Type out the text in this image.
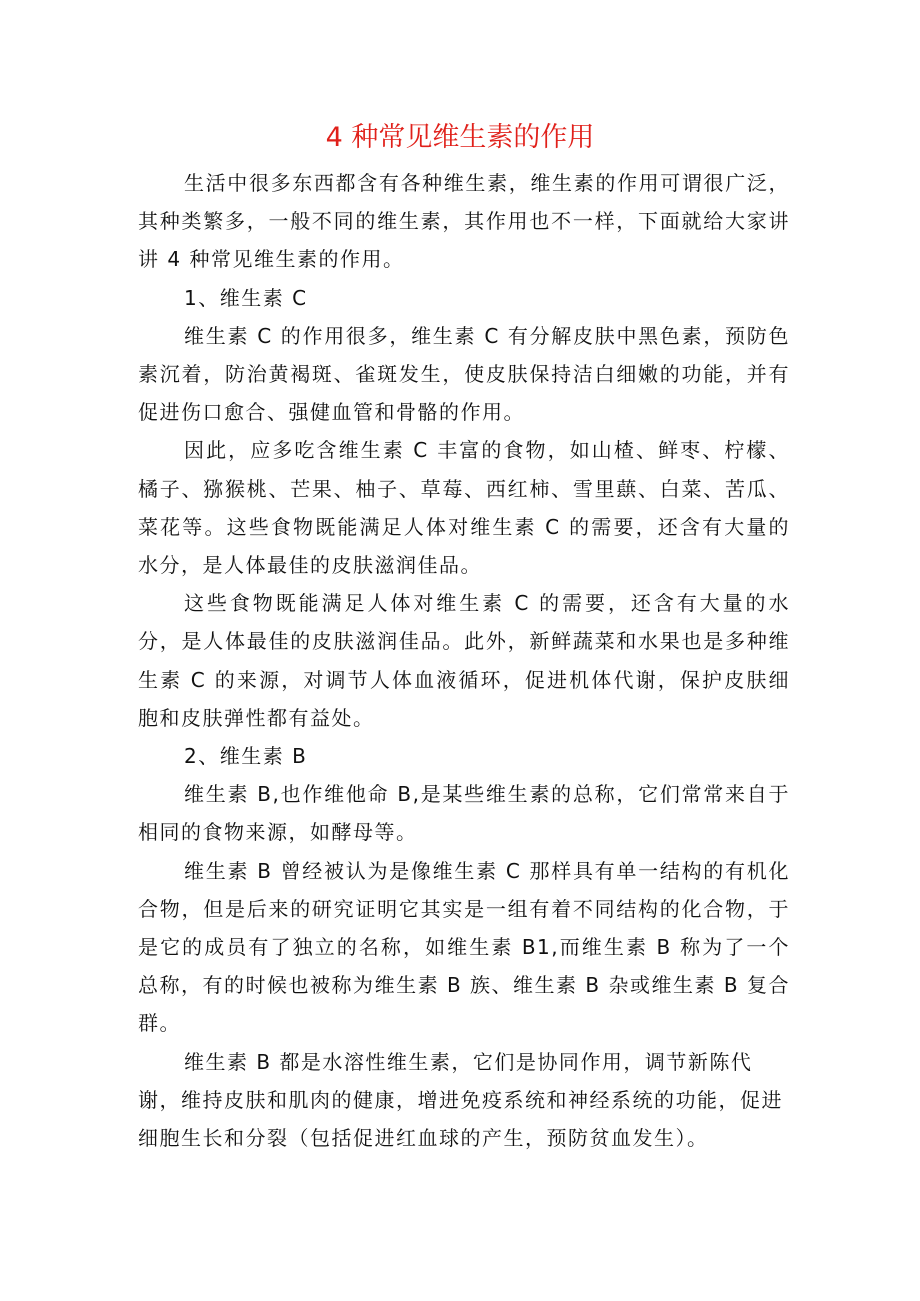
4 种常见维生素的作用

生活中很多东西都含有各种维生素，维生素的作用可谓很广泛，其种类繁多，一般不同的维生素，其作用也不一样，下面就给大家讲讲 4 种常见维生素的作用。

1、维生素 C

维生素 C 的作用很多，维生素 C 有分解皮肤中黑色素，预防色素沉着，防治黄褐斑、雀斑发生，使皮肤保持洁白细嫩的功能，并有促进伤口愈合、强健血管和骨骼的作用。

因此，应多吃含维生素 C 丰富的食物，如山楂、鲜枣、柠檬、橘子、猕猴桃、芒果、柚子、草莓、西红柿、雪里蕻、白菜、苦瓜、菜花等。这些食物既能满足人体对维生素 C 的需要，还含有大量的水分，是人体最佳的皮肤滋润佳品。

这些食物既能满足人体对维生素 C 的需要，还含有大量的水分，是人体最佳的皮肤滋润佳品。此外，新鲜蔬菜和水果也是多种维生素 C 的来源，对调节人体血液循环，促进机体代谢，保护皮肤细胞和皮肤弹性都有益处。

2、维生素 B

维生素 B,也作维他命 B,是某些维生素的总称，它们常常来自于相同的食物来源，如酵母等。

维生素 B 曾经被认为是像维生素 C 那样具有单一结构的有机化合物，但是后来的研究证明它其实是一组有着不同结构的化合物，于是它的成员有了独立的名称，如维生素 B1,而维生素 B 称为了一个总称，有的时候也被称为维生素 B 族、维生素 B 杂或维生素 B 复合群。

维生素 B 都是水溶性维生素，它们是协同作用，调节新陈代谢，维持皮肤和肌肉的健康，增进免疫系统和神经系统的功能，促进细胞生长和分裂（包括促进红血球的产生，预防贫血发生）。
